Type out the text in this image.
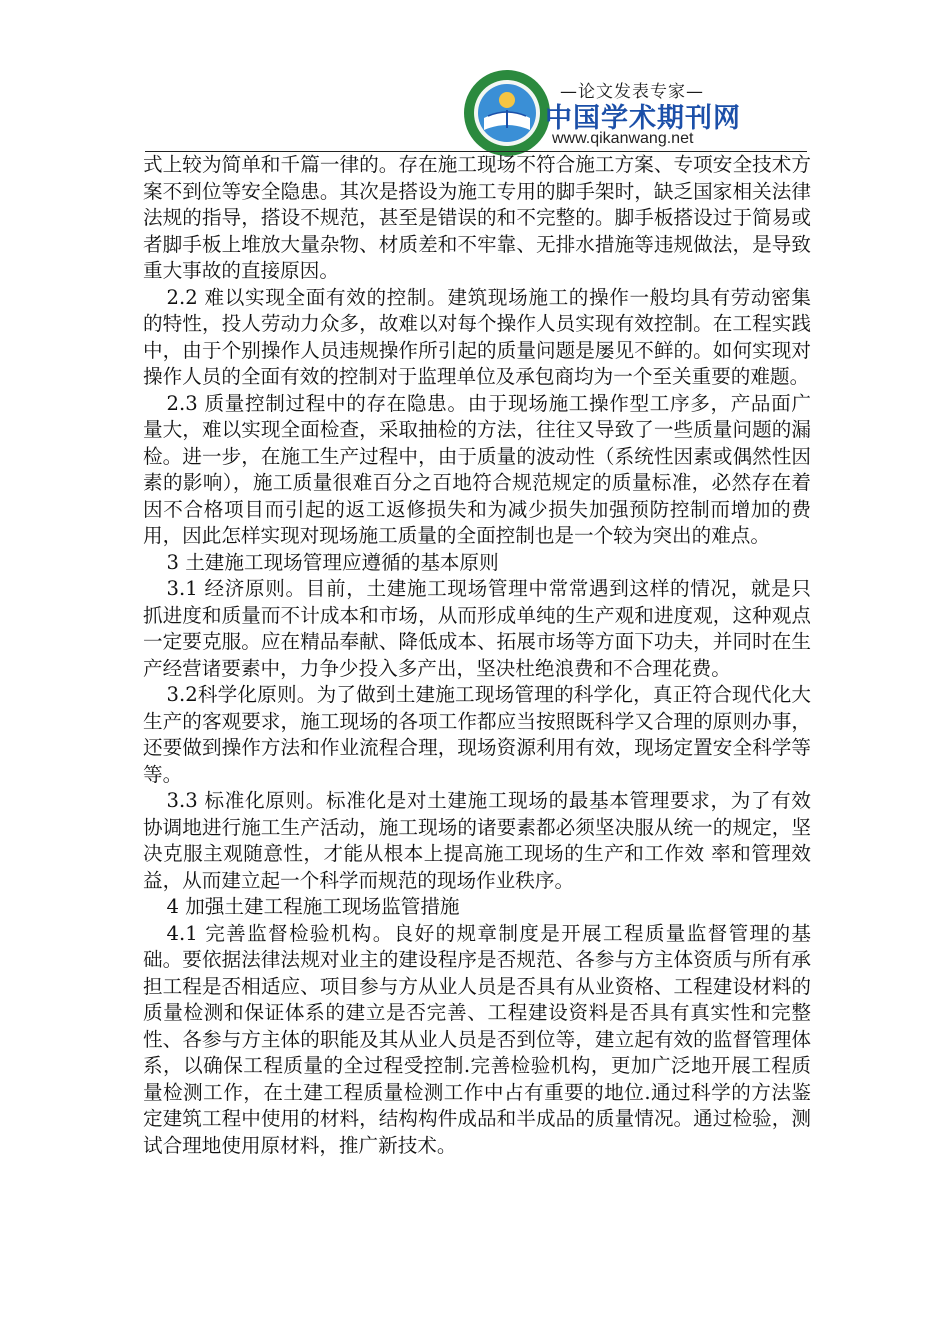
—论文发表专家—
中国学术期刊网
www.qikanwang.net

式上较为简单和千篇一律的。存在施工现场不符合施工方案、专项安全技术方案不到位等安全隐患。其次是搭设为施工专用的脚手架时，缺乏国家相关法律法规的指导，搭设不规范，甚至是错误的和不完整的。脚手板搭设过于简易或者脚手板上堆放大量杂物、材质差和不牢靠、无排水措施等违规做法，是导致重大事故的直接原因。

2.2 难以实现全面有效的控制。建筑现场施工的操作一般均具有劳动密集的特性，投人劳动力众多，故难以对每个操作人员实现有效控制。在工程实践中，由于个别操作人员违规操作所引起的质量问题是屡见不鲜的。如何实现对操作人员的全面有效的控制对于监理单位及承包商均为一个至关重要的难题。

2.3 质量控制过程中的存在隐患。由于现场施工操作型工序多，产品面广量大，难以实现全面检查，采取抽检的方法，往往又导致了一些质量问题的漏检。进一步，在施工生产过程中，由于质量的波动性（系统性因素或偶然性因素的影响），施工质量很难百分之百地符合规范规定的质量标准，必然存在着因不合格项目而引起的返工返修损失和为减少损失加强预防控制而增加的费用，因此怎样实现对现场施工质量的全面控制也是一个较为突出的难点。

3 土建施工现场管理应遵循的基本原则

3.1 经济原则。目前，土建施工现场管理中常常遇到这样的情况，就是只抓进度和质量而不计成本和市场，从而形成单纯的生产观和进度观，这种观点一定要克服。应在精品奉献、降低成本、拓展市场等方面下功夫，并同时在生产经营诸要素中，力争少投入多产出，坚决杜绝浪费和不合理花费。

3.2科学化原则。为了做到土建施工现场管理的科学化，真正符合现代化大生产的客观要求，施工现场的各项工作都应当按照既科学又合理的原则办事，还要做到操作方法和作业流程合理，现场资源利用有效，现场定置安全科学等等。

3.3 标准化原则。标准化是对土建施工现场的最基本管理要求，为了有效协调地进行施工生产活动，施工现场的诸要素都必须坚决服从统一的规定，坚决克服主观随意性，才能从根本上提高施工现场的生产和工作效 率和管理效益，从而建立起一个科学而规范的现场作业秩序。

4 加强土建工程施工现场监管措施

4.1 完善监督检验机构。良好的规章制度是开展工程质量监督管理的基础。要依据法律法规对业主的建设程序是否规范、各参与方主体资质与所有承担工程是否相适应、项目参与方从业人员是否具有从业资格、工程建设材料的质量检测和保证体系的建立是否完善、工程建设资料是否具有真实性和完整性、各参与方主体的职能及其从业人员是否到位等，建立起有效的监督管理体系，以确保工程质量的全过程受控制.完善检验机构，更加广泛地开展工程质量检测工作，在土建工程质量检测工作中占有重要的地位.通过科学的方法鉴定建筑工程中使用的材料，结构构件成品和半成品的质量情况。通过检验，测试合理地使用原材料，推广新技术。
